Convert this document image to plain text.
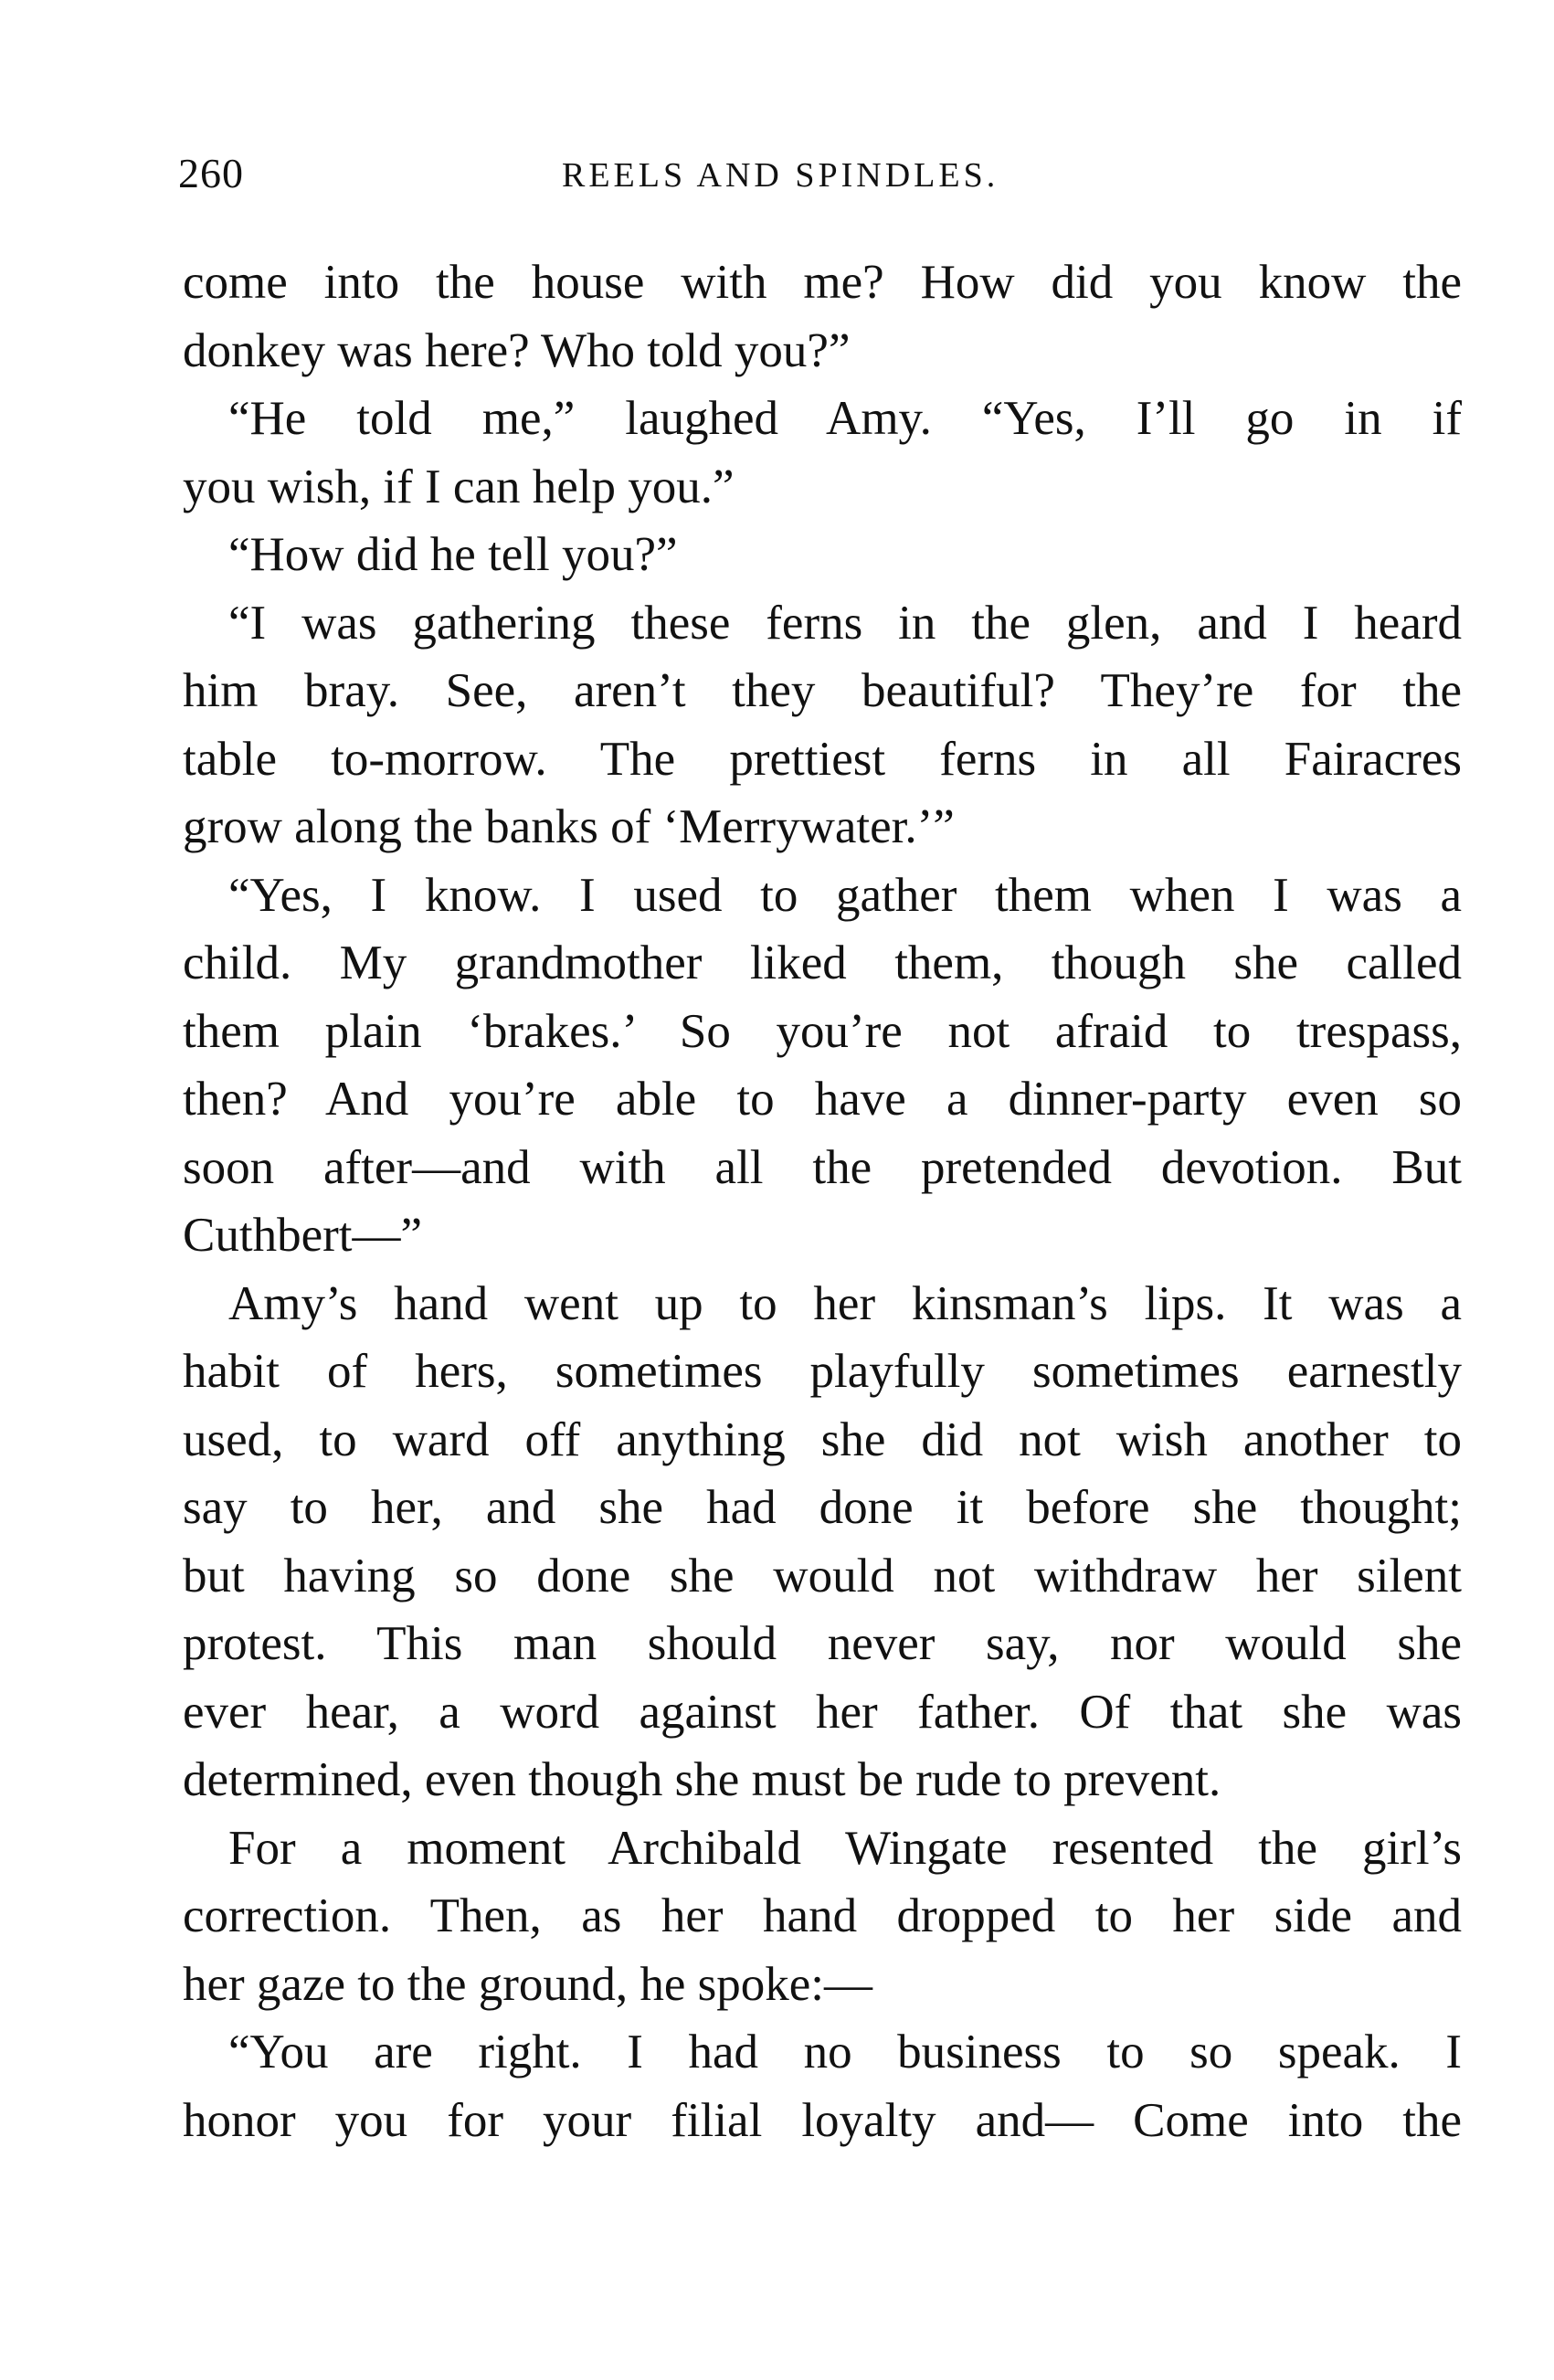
260	REELS AND SPINDLES.
come into the house with me? How did you know the
donkey was here? Who told you?”
“He told me,” laughed Amy. “Yes, I’ll go in if
you wish, if I can help you.”
“How did he tell you?”
“I was gathering these ferns in the glen, and I heard
him bray. See, aren’t they beautiful? They’re for the
table to-morrow. The prettiest ferns in all Fairacres
grow along the banks of ‘Merrywater.’”
“Yes, I know. I used to gather them when I was a
child. My grandmother liked them, though she called
them plain ‘brakes.’ So you’re not afraid to trespass,
then? And you’re able to have a dinner-party even so
soon after—and with all the pretended devotion. But
Cuthbert—”
Amy’s hand went up to her kinsman’s lips. It was a
habit of hers, sometimes playfully sometimes earnestly
used, to ward off anything she did not wish another to
say to her, and she had done it before she thought;
but having so done she would not withdraw her silent
protest. This man should never say, nor would she
ever hear, a word against her father. Of that she was
determined, even though she must be rude to prevent.
For a moment Archibald Wingate resented the girl’s
correction. Then, as her hand dropped to her side and
her gaze to the ground, he spoke:—
“You are right. I had no business to so speak. I
honor you for your filial loyalty and— Come into the
